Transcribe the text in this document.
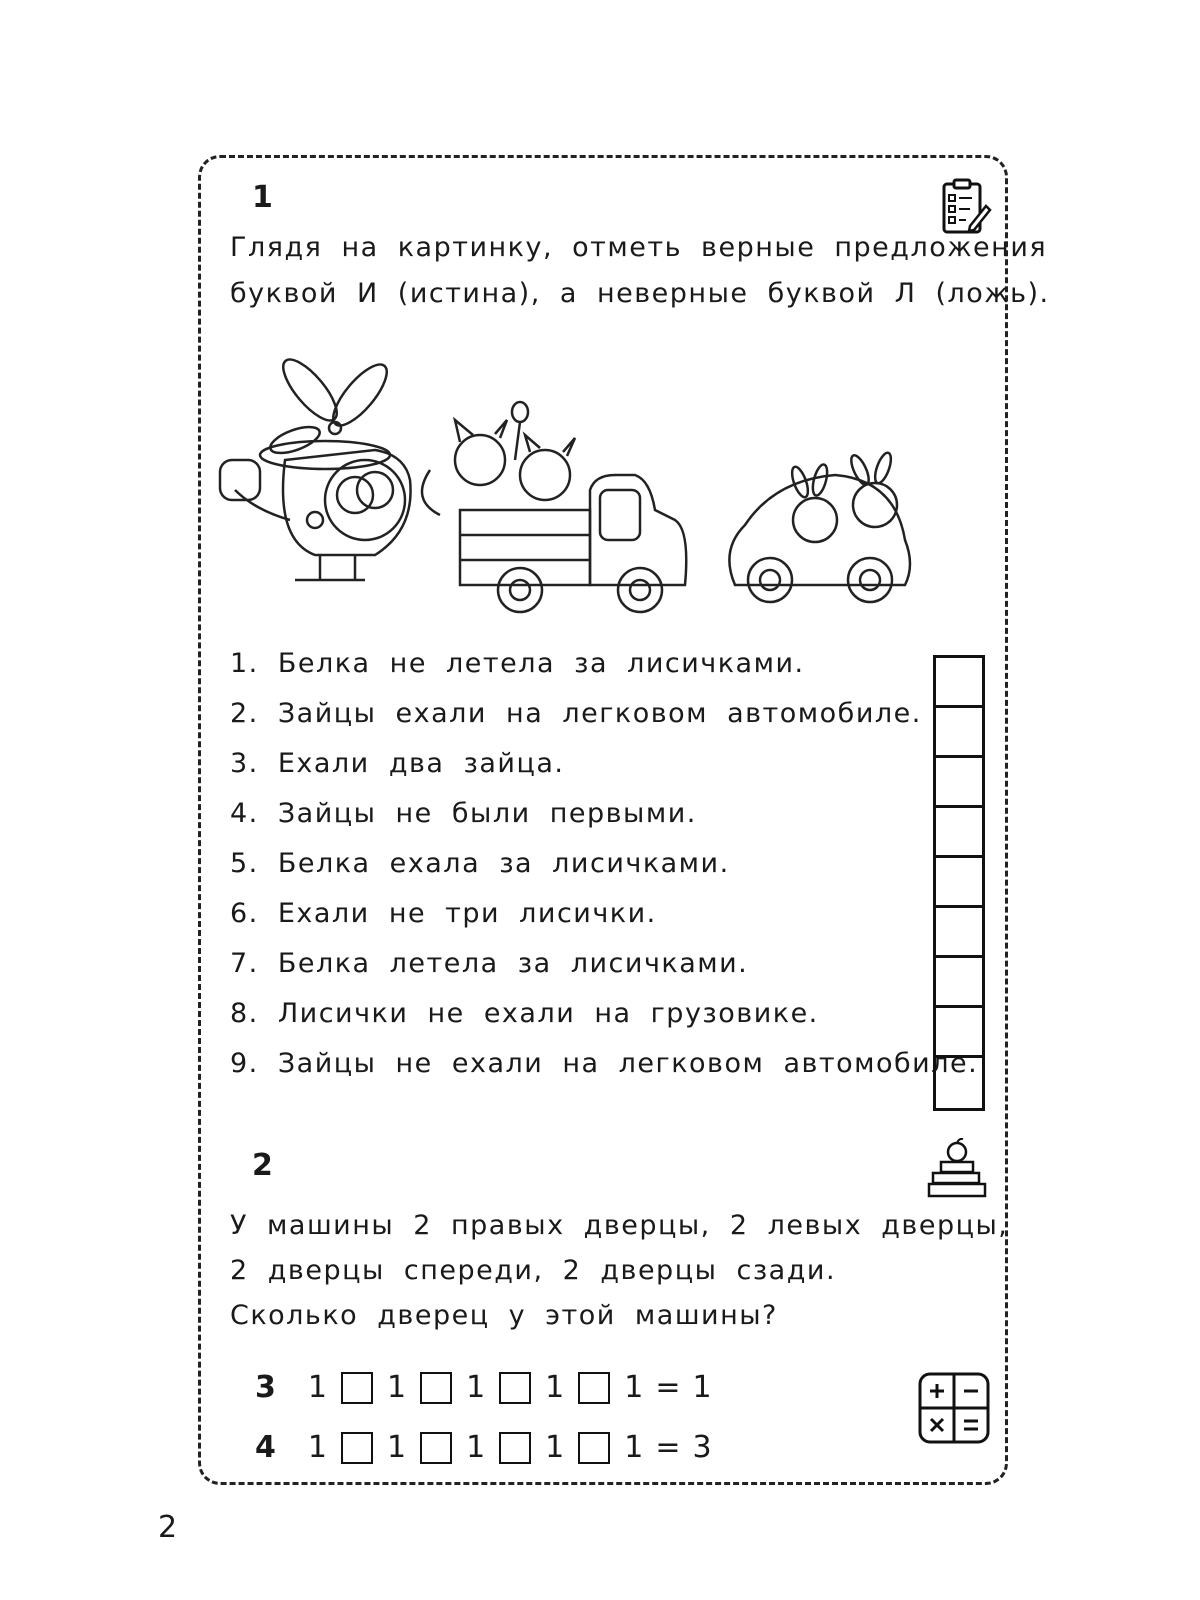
1
Глядя на картинку, отметь верные предложения
буквой И (истина), а неверные буквой Л (ложь).
1. Белка не летела за лисичками.
2. Зайцы ехали на легковом автомобиле.
3. Ехали два зайца.
4. Зайцы не были первыми.
5. Белка ехала за лисичками.
6. Ехали не три лисички.
7. Белка летела за лисичками.
8. Лисички не ехали на грузовике.
9. Зайцы не ехали на легковом автомобиле.
2
У машины 2 правых дверцы, 2 левых дверцы,
2 дверцы спереди, 2 дверцы сзади.
Сколько дверец у этой машины?
3 1 1 1 1 1 = 1
4 1 1 1 1 1 = 3
2
